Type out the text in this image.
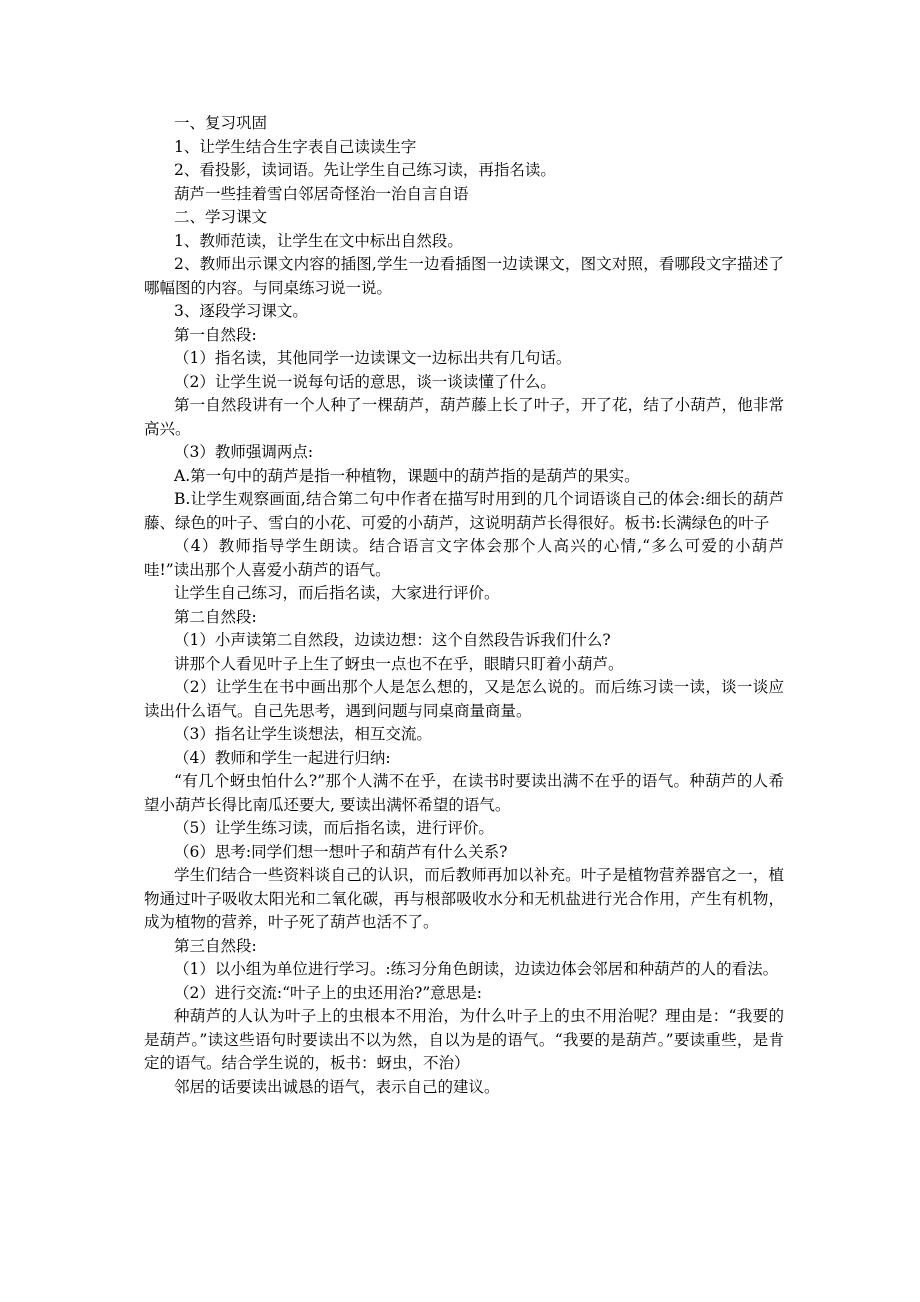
一、复习巩固

1、让学生结合生字表自己读读生字

2、看投影，读词语。先让学生自己练习读，再指名读。

葫芦一些挂着雪白邻居奇怪治一治自言自语

二、学习课文

1、教师范读，让学生在文中标出自然段。

2、教师出示课文内容的插图,学生一边看插图一边读课文，图文对照，看哪段文字描述了哪幅图的内容。与同桌练习说一说。

3、逐段学习课文。

第一自然段:

（1）指名读，其他同学一边读课文一边标出共有几句话。

（2）让学生说一说每句话的意思，谈一谈读懂了什么。

第一自然段讲有一个人种了一棵葫芦，葫芦藤上长了叶子，开了花，结了小葫芦，他非常高兴。

（3）教师强调两点:

A.第一句中的葫芦是指一种植物，课题中的葫芦指的是葫芦的果实。

B.让学生观察画面,结合第二句中作者在描写时用到的几个词语谈自己的体会:细长的葫芦藤、绿色的叶子、雪白的小花、可爱的小葫芦，这说明葫芦长得很好。板书:长满绿色的叶子

（4）教师指导学生朗读。结合语言文字体会那个人高兴的心情,“多么可爱的小葫芦哇!”读出那个人喜爱小葫芦的语气。

让学生自己练习，而后指名读，大家进行评价。

第二自然段:

（1）小声读第二自然段，边读边想：这个自然段告诉我们什么?

讲那个人看见叶子上生了蚜虫一点也不在乎，眼睛只盯着小葫芦。

（2）让学生在书中画出那个人是怎么想的，又是怎么说的。而后练习读一读，谈一谈应读出什么语气。自己先思考，遇到问题与同桌商量商量。

（3）指名让学生谈想法，相互交流。

（4）教师和学生一起进行归纳:

“有几个蚜虫怕什么?”那个人满不在乎，在读书时要读出满不在乎的语气。种葫芦的人希望小葫芦长得比南瓜还要大, 要读出满怀希望的语气。

（5）让学生练习读，而后指名读，进行评价。

（6）思考:同学们想一想叶子和葫芦有什么关系?

学生们结合一些资料谈自己的认识，而后教师再加以补充。叶子是植物营养器官之一，植物通过叶子吸收太阳光和二氧化碳，再与根部吸收水分和无机盐进行光合作用，产生有机物，成为植物的营养，叶子死了葫芦也活不了。

第三自然段:

（1）以小组为单位进行学习。:练习分角色朗读，边读边体会邻居和种葫芦的人的看法。

（2）进行交流:“叶子上的虫还用治?”意思是:

种葫芦的人认为叶子上的虫根本不用治，为什么叶子上的虫不用治呢？理由是：“我要的是葫芦。”读这些语句时要读出不以为然，自以为是的语气。“我要的是葫芦。”要读重些，是肯定的语气。结合学生说的，板书：蚜虫，不治）

邻居的话要读出诚恳的语气，表示自己的建议。
